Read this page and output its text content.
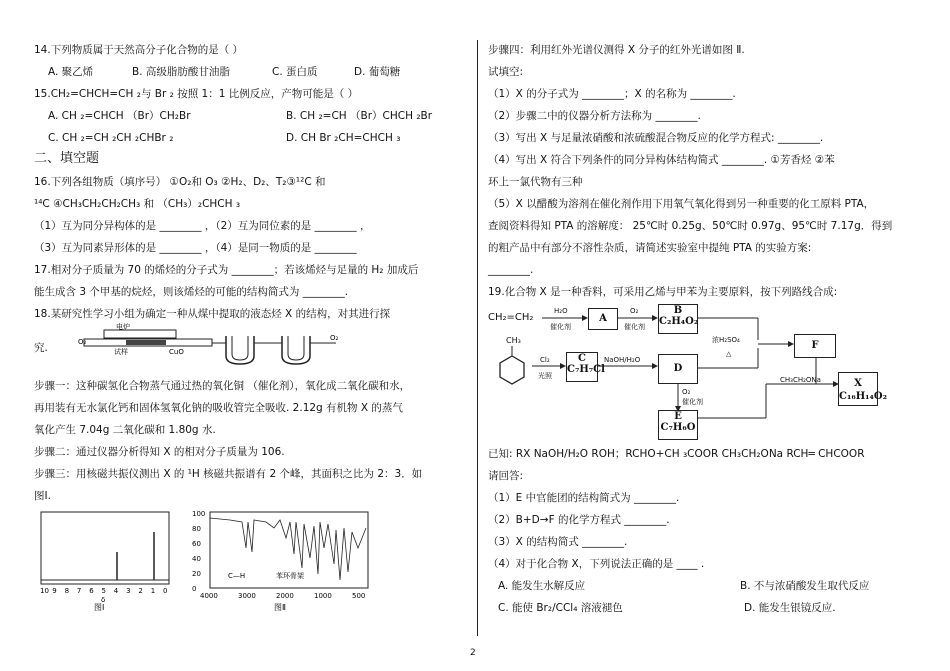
14.下列物质属于天然高分子化合物的是（ ）
A. 聚乙烯	B. 高级脂肪酸甘油脂	C. 蛋白质	D. 葡萄糖
15.CH₂=CHCH=CH ₂与 Br ₂ 按照 1：1 比例反应，产物可能是（ ）
A. CH ₂=CHCH （Br）CH₂Br	B. CH ₂=CH （Br）CHCH ₂Br
C. CH ₂=CH ₂CH ₂CHBr ₂	D. CH Br ₂CH=CHCH ₃
二、填空题
16.下列各组物质（填序号） ①O₂和 O₃ ②H₂、D₂、T₂③¹²C 和
¹⁴C ④CH₃CH₂CH₂CH₃ 和 （CH₃）₂CHCH ₃
（1）互为同分异构体的是 ________ ，（2）互为同位素的是 ________ ，
（3）互为同素异形体的是 ________ ，（4）是同一物质的是 ________
17.相对分子质量为 70 的烯烃的分子式为 ________；若该烯烃与足量的 H₂ 加成后
能生成含 3 个甲基的烷烃，则该烯烃的可能的结构简式为 ________.
18.某研究性学习小组为确定一种从煤中提取的液态烃 X 的结构，对其进行探
究.
电炉
O₂
试样	CuO
O₂
步骤一：这种碳氢化合物蒸气通过热的氧化铜 （催化剂），氧化成二氧化碳和水，
再用装有无水氯化钙和固体氢氧化钠的吸收管完全吸收. 2.12g 有机物 X 的蒸气
氧化产生 7.04g 二氧化碳和 1.80g 水.
步骤二：通过仪器分析得知 X 的相对分子质量为 106.
步骤三：用核磁共振仪测出 X 的 ¹H 核磁共振谱有 2 个峰，其面积之比为 2：3．如
图Ⅰ.
10 9 8 7 6 5 4 3 2 1 0
δ
图Ⅰ
100
80
60
40
20
0
C—H	苯环骨架
4000	3000	2000	1000	500
图Ⅱ
步骤四：利用红外光谱仪测得 X 分子的红外光谱如图 Ⅱ.
试填空:
（1）X 的分子式为 ________；X 的名称为 ________.
（2）步骤二中的仪器分析方法称为 ________.
（3）写出 X 与足量浓硝酸和浓硫酸混合物反应的化学方程式: ________.
（4）写出 X 符合下列条件的同分异构体结构简式 ________. ①芳香烃 ②苯
环上一氯代物有三种
（5）X 以醋酸为溶剂在催化剂作用下用氧气氧化得到另一种重要的化工原料 PTA，
查阅资料得知 PTA 的溶解度： 25℃时 0.25g、50℃时 0.97g、95℃时 7.17g．得到
的粗产品中有部分不溶性杂质，请简述实验室中提纯 PTA 的实验方案:
________.
19.化合物 X 是一种香料，可采用乙烯与甲苯为主要原料，按下列路线合成:
CH₂=CH₂
H₂O
催化剂
A
O₂
催化剂
B
C₂H₄O₂
CH₃
Cl₂
光照
C
C₇H₇Cl
NaOH/H₂O
D
浓H₂SO₄
△
F
CH₃CH₂ONa	X
C₁₆H₁₄O₂
O₂
催化剂
E
C₇H₆O
已知: RX NaOH/H₂O ROH；RCHO+CH ₃COOR CH₃CH₂ONa RCH═ CHCOOR
请回答:
（1）E 中官能团的结构简式为 ________.
（2）B+D→F 的化学方程式 ________.
（3）X 的结构简式 ________.
（4）对于化合物 X，下列说法正确的是 ____ .
A. 能发生水解反应	B. 不与浓硝酸发生取代反应
C. 能使 Br₂/CCl₄ 溶液褪色	D. 能发生银镜反应.
2
